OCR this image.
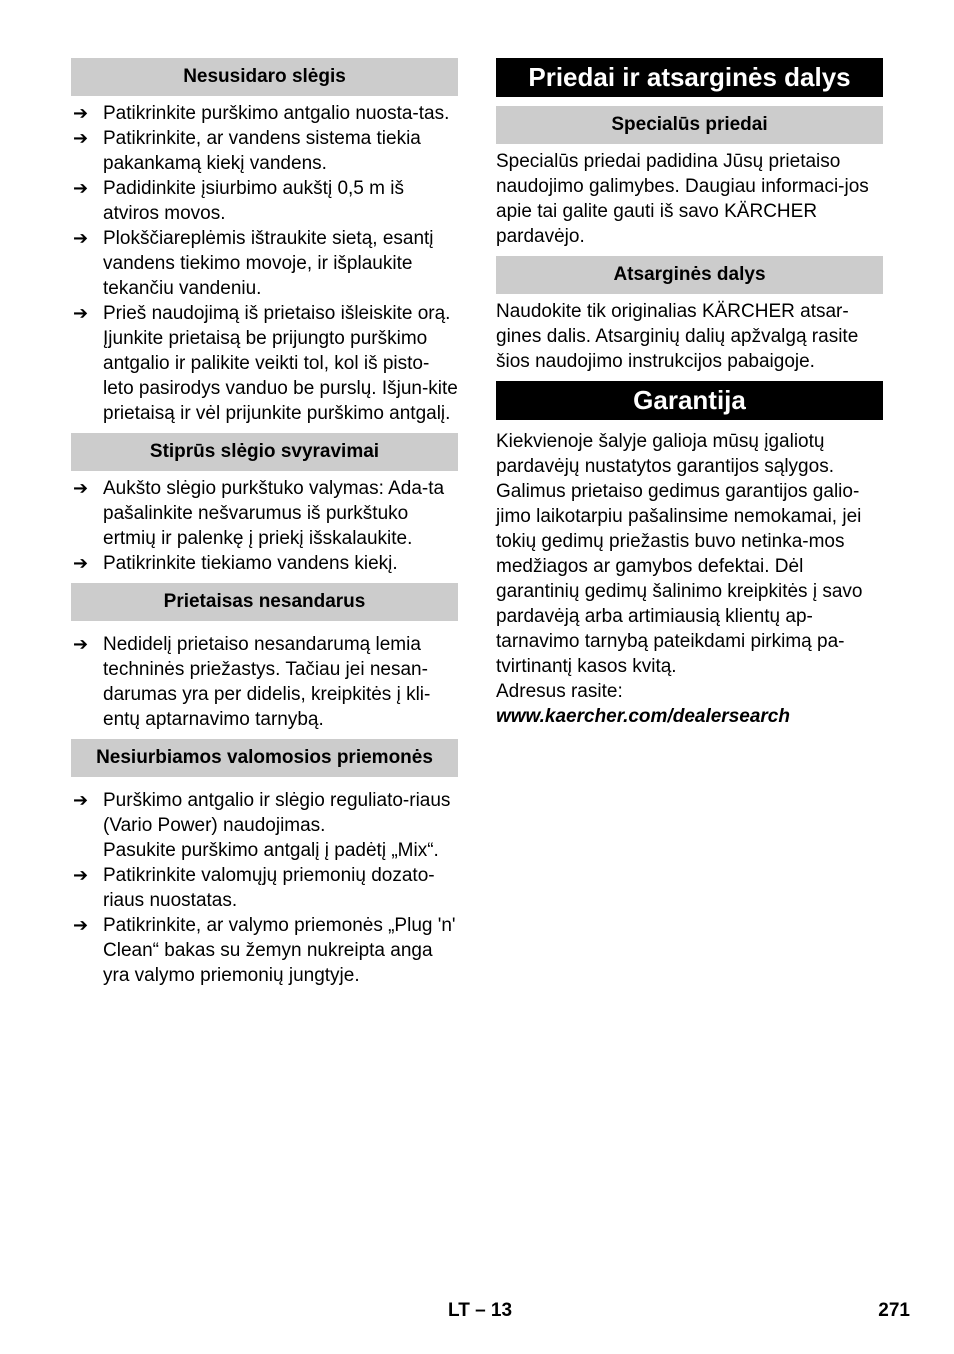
Nesusidaro slėgis
➔ Patikrinkite purškimo antgalio nuosta-tas.
➔ Patikrinkite, ar vandens sistema tiekia pakankamą kiekį vandens.
➔ Padidinkite įsiurbimo aukštį 0,5 m iš atviros movos.
➔ Plokščiareplėmis ištraukite sietą, esantį vandens tiekimo movoje, ir išplaukite tekančiu vandeniu.
➔ Prieš naudojimą iš prietaiso išleiskite orą.
Įjunkite prietaisą be prijungto purškimo antgalio ir palikite veikti tol, kol iš pisto-leto pasirodys vanduo be purslų. Išjun-kite prietaisą ir vėl prijunkite purškimo antgalį.
Stiprūs slėgio svyravimai
➔ Aukšto slėgio purkštuko valymas: Ada-ta pašalinkite nešvarumus iš purkštuko ertmių ir palenkę į priekį išskalaukite.
➔ Patikrinkite tiekiamo vandens kiekį.
Prietaisas nesandarus
➔ Nedidelį prietaiso nesandarumą lemia techninės priežastys. Tačiau jei nesan-darumas yra per didelis, kreipkitės į kli-entų aptarnavimo tarnybą.
Nesiurbiamos valomosios priemonės
➔ Purškimo antgalio ir slėgio reguliato-riaus (Vario Power) naudojimas.
Pasukite purškimo antgalį į padėtį „Mix“.
➔ Patikrinkite valomųjų priemonių dozato-riaus nuostatas.
➔ Patikrinkite, ar valymo priemonės „Plug 'n' Clean“ bakas su žemyn nukreipta anga yra valymo priemonių jungtyje.
Priedai ir atsarginės dalys
Specialūs priedai

Specialūs priedai padidina Jūsų prietaiso naudojimo galimybes. Daugiau informaci-jos apie tai galite gauti iš savo KÄRCHER pardavėjo.

Atsarginės dalys

Naudokite tik originalias KÄRCHER atsar-gines dalis. Atsarginių dalių apžvalgą rasite šios naudojimo instrukcijos pabaigoje.

Garantija

Kiekvienoje šalyje galioja mūsų įgaliotų pardavėjų nustatytos garantijos sąlygos. Galimus prietaiso gedimus garantijos galio-jimo laikotarpiu pašalinsime nemokamai, jei tokių gedimų priežastis buvo netinka-mos medžiagos ar gamybos defektai. Dėl garantinių gedimų šalinimo kreipkitės į savo pardavėją arba artimiausią klientų ap-tarnavimo tarnybą pateikdami pirkimą pa-tvirtinantį kasos kvitą.

Adresus rasite:
www.kaercher.com/dealersearch
LT – 13	271
